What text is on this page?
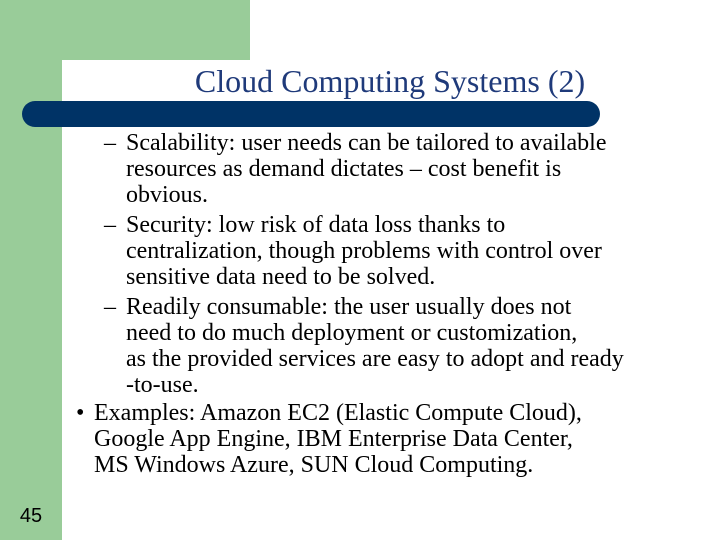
Cloud Computing Systems (2)
– Scalability: user needs can be tailored to available
resources as demand dictates – cost benefit is
obvious.
– Security: low risk of data loss thanks to
centralization, though problems with control over
sensitive data need to be solved.
– Readily consumable: the user usually does not
need to do much deployment or customization,
as the provided services are easy to adopt and ready
-to-use.
• Examples: Amazon EC2 (Elastic Compute Cloud),
Google App Engine, IBM Enterprise Data Center,
MS Windows Azure, SUN Cloud Computing.
45
